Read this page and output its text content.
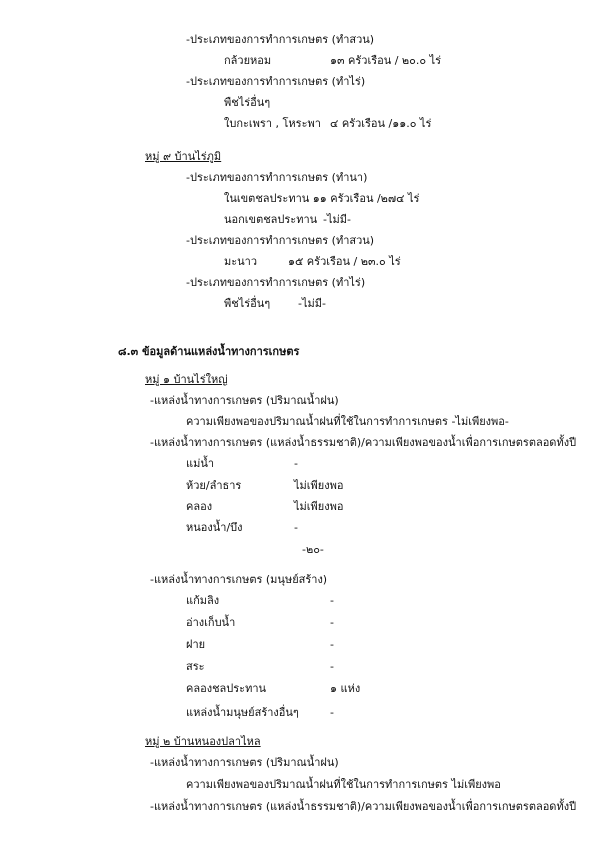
-ประเภทของการทำการเกษตร (ทำสวน)
กล้วยหอม	๑๓ ครัวเรือน / ๒๐.๐ ไร่
-ประเภทของการทำการเกษตร (ทำไร่)
พืชไร่อื่นๆ
ใบกะเพรา , โหระพา ๔ ครัวเรือน /๑๑.๐ ไร่
หมู่ ๙ บ้านไร่ภูมิ
-ประเภทของการทำการเกษตร (ทำนา)
ในเขตชลประทาน ๑๑ ครัวเรือน /๒๗๔ ไร่
นอกเขตชลประทาน -ไม่มี-
-ประเภทของการทำการเกษตร (ทำสวน)
มะนาว	๑๕ ครัวเรือน / ๒๓.๐ ไร่
-ประเภทของการทำการเกษตร (ทำไร่)
พืชไร่อื่นๆ	-ไม่มี-
๘.๓ ข้อมูลด้านแหล่งน้ำทางการเกษตร
หมู่ ๑ บ้านไร่ใหญ่
-แหล่งน้ำทางการเกษตร (ปริมาณน้ำฝน)
ความเพียงพอของปริมาณน้ำฝนที่ใช้ในการทำการเกษตร -ไม่เพียงพอ-
-แหล่งน้ำทางการเกษตร (แหล่งน้ำธรรมชาติ)/ความเพียงพอของน้ำเพื่อการเกษตรตลอดทั้งปี
แม่น้ำ	-
ห้วย/ลำธาร	ไม่เพียงพอ
คลอง	ไม่เพียงพอ
หนองน้ำ/บึง	-
-๒๐-
-แหล่งน้ำทางการเกษตร (มนุษย์สร้าง)
แก้มลิง	-
อ่างเก็บน้ำ	-
ฝาย	-
สระ	-
คลองชลประทาน	๑ แห่ง
แหล่งน้ำมนุษย์สร้างอื่นๆ	-
หมู่ ๒ บ้านหนองปลาไหล
-แหล่งน้ำทางการเกษตร (ปริมาณน้ำฝน)
ความเพียงพอของปริมาณน้ำฝนที่ใช้ในการทำการเกษตร ไม่เพียงพอ
-แหล่งน้ำทางการเกษตร (แหล่งน้ำธรรมชาติ)/ความเพียงพอของน้ำเพื่อการเกษตรตลอดทั้งปี
